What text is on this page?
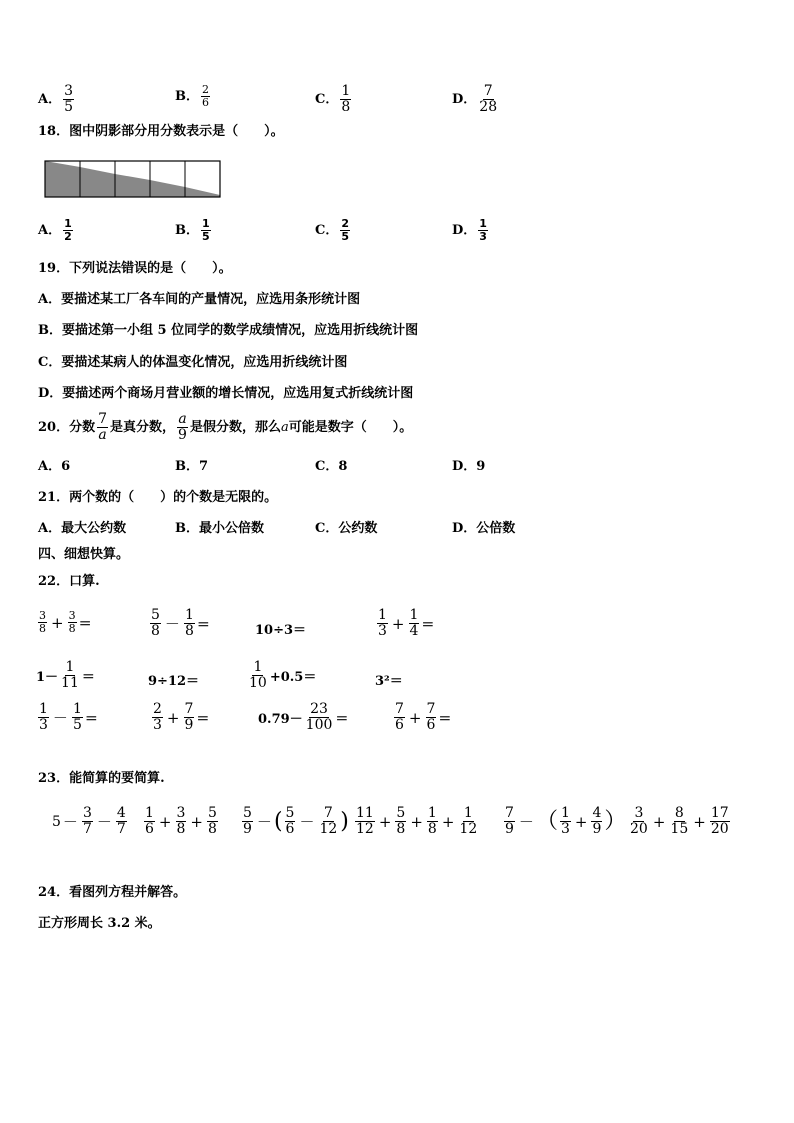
A． $\frac{3}{5}$	B． $\frac{2}{6}$	C． $\frac{1}{8}$	D． $\frac{7}{28}$
18．图中阴影部分用分数表示是（　　）。
A． $\frac{1}{2}$	B． $\frac{1}{5}$	C． $\frac{2}{5}$	D． $\frac{1}{3}$
19．下列说法错误的是（　　）。
A．要描述某工厂各车间的产量情况，应选用条形统计图
B．要描述第一小组 5 位同学的数学成绩情况，应选用折线统计图
C．要描述某病人的体温变化情况，应选用折线统计图
D．要描述两个商场月营业额的增长情况，应选用复式折线统计图
20．分数 $\frac{7}{a}$ 是真分数， $\frac{a}{9}$ 是假分数，那么 a 可能是数字（　　）。
A．6	B．7	C．8	D．9
21．两个数的（　　）的个数是无限的。
A．最大公约数	B．最小公倍数	C．公约数	D．公倍数
四、细想快算。
22．口算.
$\frac{3}{8} + \frac{3}{8}$ ＝	$\frac{5}{8} - \frac{1}{8}$ ＝	10÷3＝	$\frac{1}{3} + \frac{1}{4}$ ＝
$1- \frac{1}{11}$ ＝	9÷12＝	$\frac{1}{10} +0.5=$	3²＝
$\frac{1}{3} - \frac{1}{5}$ ＝	$\frac{2}{3} + \frac{7}{9}$ ＝	$0.79- \frac{23}{100}$ ＝	$\frac{7}{6} + \frac{7}{6}$ ＝
23．能简算的要简算.
$5 - \frac{3}{7} - \frac{4}{7} \frac{1}{6} + \frac{3}{8} + \frac{5}{8} \frac{5}{9}$ － ( $\frac{5}{6} - \frac{7}{12}$ ) $\frac{11}{12} + \frac{5}{8} + \frac{1}{8} + \frac{1}{12} \frac{7}{9}$ － （ $\frac{1}{3} + \frac{4}{9}$ ） $\frac{3}{20} + \frac{8}{15} + \frac{17}{20}$
24．看图列方程并解答。
正方形周长 3.2 米。
